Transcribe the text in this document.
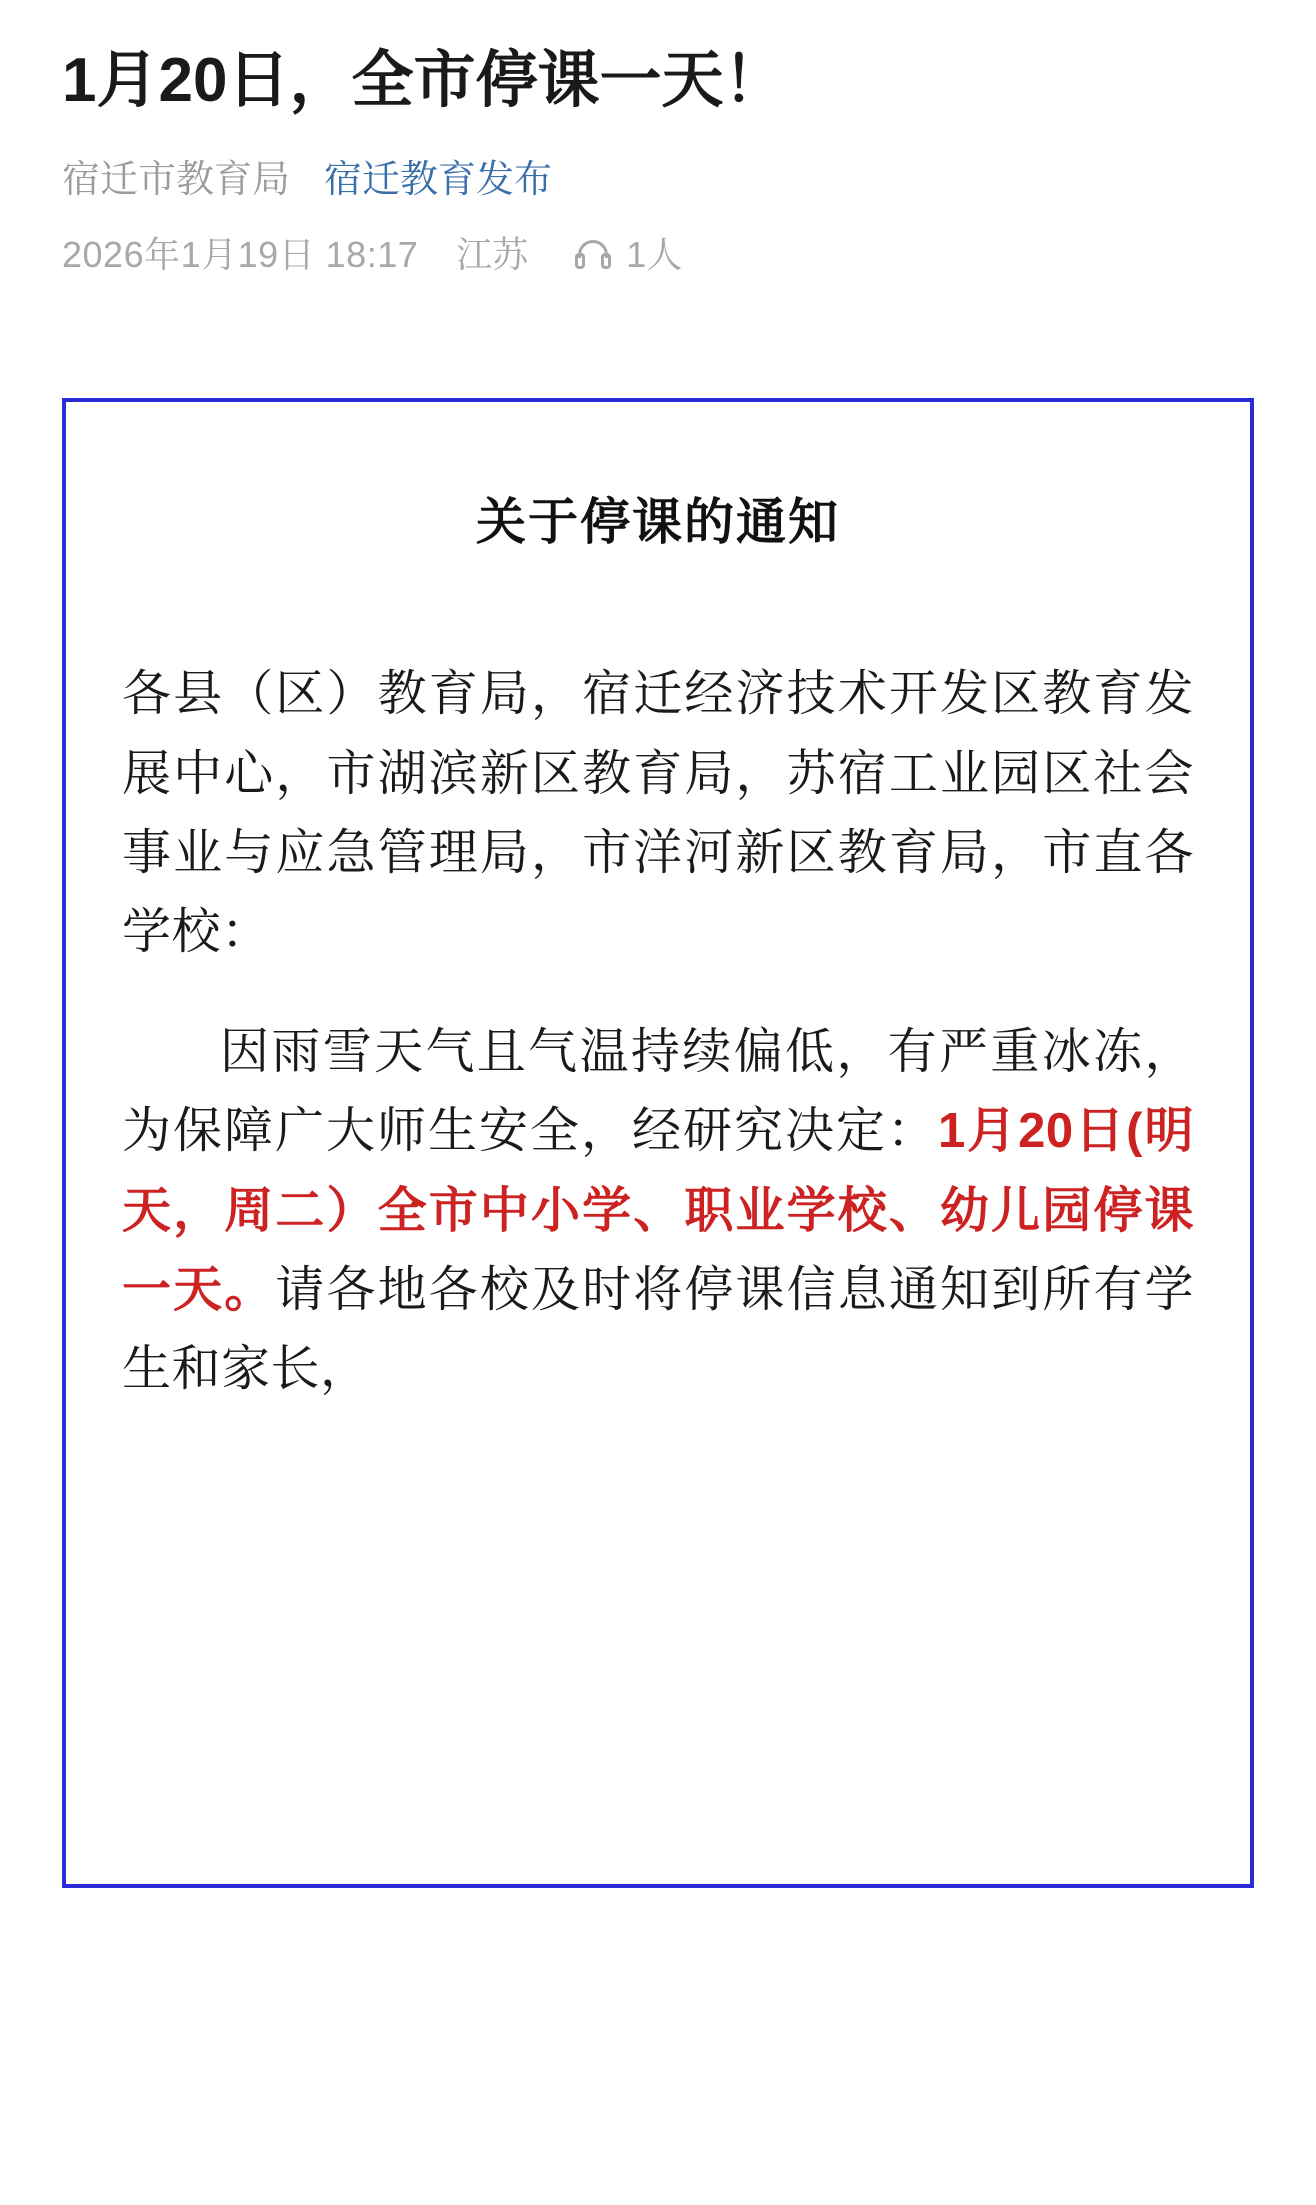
1月20日，全市停课一天！
宿迁市教育局 宿迁教育发布
2026年1月19日 18:17 江苏	1人
关于停课的通知

各县（区）教育局，宿迁经济技术开发区教育发展中心，市湖滨新区教育局，苏宿工业园区社会事业与应急管理局，市洋河新区教育局，市直各学校：

因雨雪天气且气温持续偏低，有严重冰冻，为保障广大师生安全，经研究决定：1月20日(明天，周二）全市中小学、职业学校、幼儿园停课一天。请各地各校及时将停课信息通知到所有学生和家长，
